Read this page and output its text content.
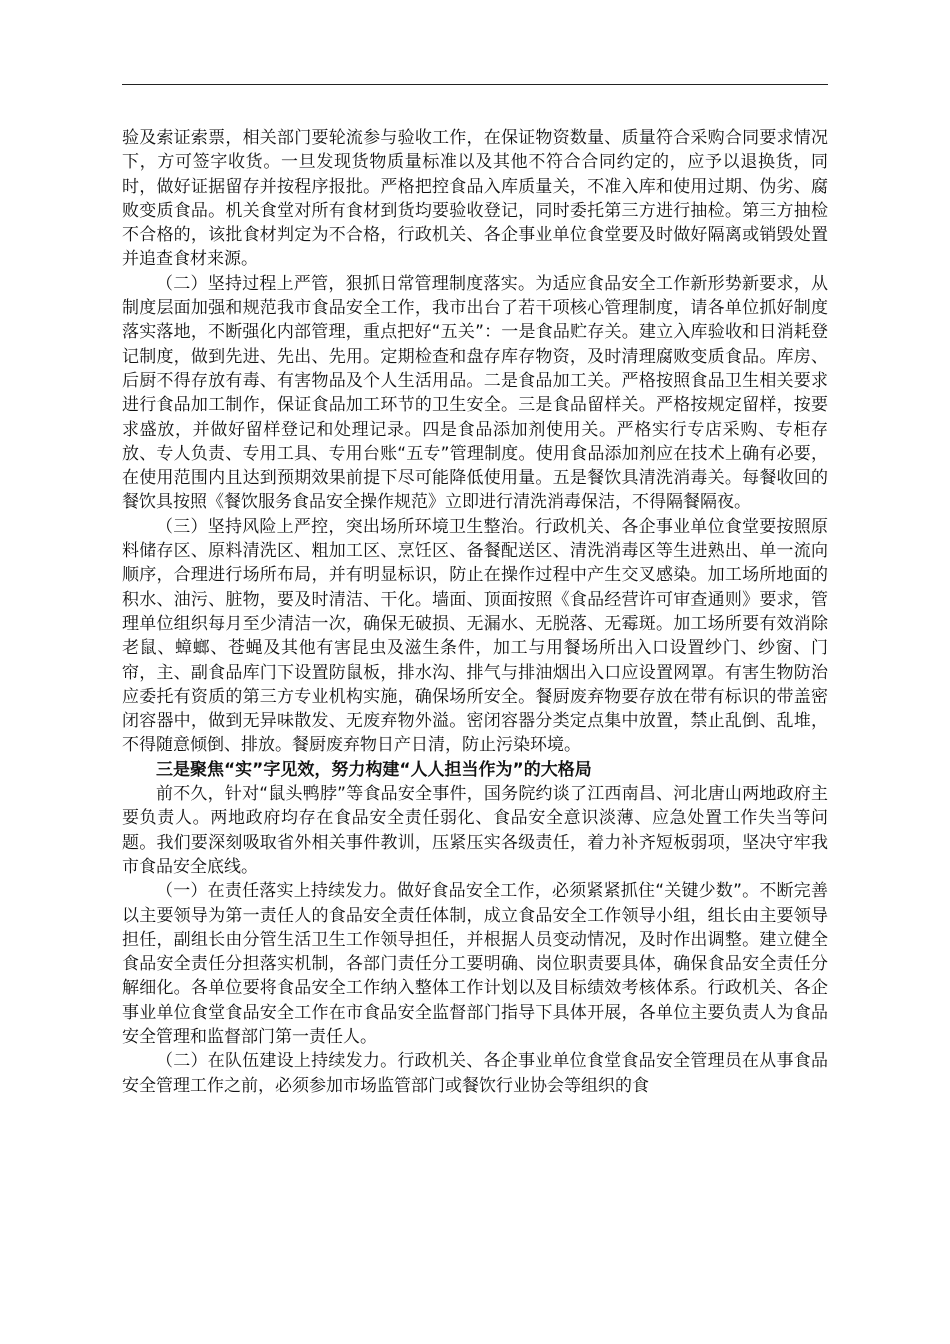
验及索证索票，相关部门要轮流参与验收工作，在保证物资数量、质量符合采购合同要求情况下，方可签字收货。一旦发现货物质量标准以及其他不符合合同约定的，应予以退换货，同时，做好证据留存并按程序报批。严格把控食品入库质量关，不准入库和使用过期、伪劣、腐败变质食品。机关食堂对所有食材到货均要验收登记，同时委托第三方进行抽检。第三方抽检不合格的，该批食材判定为不合格，行政机关、各企事业单位食堂要及时做好隔离或销毁处置并追查食材来源。

（二）坚持过程上严管，狠抓日常管理制度落实。为适应食品安全工作新形势新要求，从制度层面加强和规范我市食品安全工作，我市出台了若干项核心管理制度，请各单位抓好制度落实落地，不断强化内部管理，重点把好“五关”：一是食品贮存关。建立入库验收和日消耗登记制度，做到先进、先出、先用。定期检查和盘存库存物资，及时清理腐败变质食品。库房、后厨不得存放有毒、有害物品及个人生活用品。二是食品加工关。严格按照食品卫生相关要求进行食品加工制作，保证食品加工环节的卫生安全。三是食品留样关。严格按规定留样，按要求盛放，并做好留样登记和处理记录。四是食品添加剂使用关。严格实行专店采购、专柜存放、专人负责、专用工具、专用台账“五专”管理制度。使用食品添加剂应在技术上确有必要，在使用范围内且达到预期效果前提下尽可能降低使用量。五是餐饮具清洗消毒关。每餐收回的餐饮具按照《餐饮服务食品安全操作规范》立即进行清洗消毒保洁，不得隔餐隔夜。

（三）坚持风险上严控，突出场所环境卫生整治。行政机关、各企事业单位食堂要按照原料储存区、原料清洗区、粗加工区、烹饪区、备餐配送区、清洗消毒区等生进熟出、单一流向顺序，合理进行场所布局，并有明显标识，防止在操作过程中产生交叉感染。加工场所地面的积水、油污、脏物，要及时清洁、干化。墙面、顶面按照《食品经营许可审查通则》要求，管理单位组织每月至少清洁一次，确保无破损、无漏水、无脱落、无霉斑。加工场所要有效消除老鼠、蟑螂、苍蝇及其他有害昆虫及滋生条件，加工与用餐场所出入口设置纱门、纱窗、门帘，主、副食品库门下设置防鼠板，排水沟、排气与排油烟出入口应设置网罩。有害生物防治应委托有资质的第三方专业机构实施，确保场所安全。餐厨废弃物要存放在带有标识的带盖密闭容器中，做到无异味散发、无废弃物外溢。密闭容器分类定点集中放置，禁止乱倒、乱堆，不得随意倾倒、排放。餐厨废弃物日产日清，防止污染环境。

三是聚焦“实”字见效，努力构建“人人担当作为”的大格局

前不久，针对“鼠头鸭脖”等食品安全事件，国务院约谈了江西南昌、河北唐山两地政府主要负责人。两地政府均存在食品安全责任弱化、食品安全意识淡薄、应急处置工作失当等问题。我们要深刻吸取省外相关事件教训，压紧压实各级责任，着力补齐短板弱项，坚决守牢我市食品安全底线。

（一）在责任落实上持续发力。做好食品安全工作，必须紧紧抓住“关键少数”。不断完善以主要领导为第一责任人的食品安全责任体制，成立食品安全工作领导小组，组长由主要领导担任，副组长由分管生活卫生工作领导担任，并根据人员变动情况，及时作出调整。建立健全食品安全责任分担落实机制，各部门责任分工要明确、岗位职责要具体，确保食品安全责任分解细化。各单位要将食品安全工作纳入整体工作计划以及目标绩效考核体系。行政机关、各企事业单位食堂食品安全工作在市食品安全监督部门指导下具体开展，各单位主要负责人为食品安全管理和监督部门第一责任人。

（二）在队伍建设上持续发力。行政机关、各企事业单位食堂食品安全管理员在从事食品安全管理工作之前，必须参加市场监管部门或餐饮行业协会等组织的食
